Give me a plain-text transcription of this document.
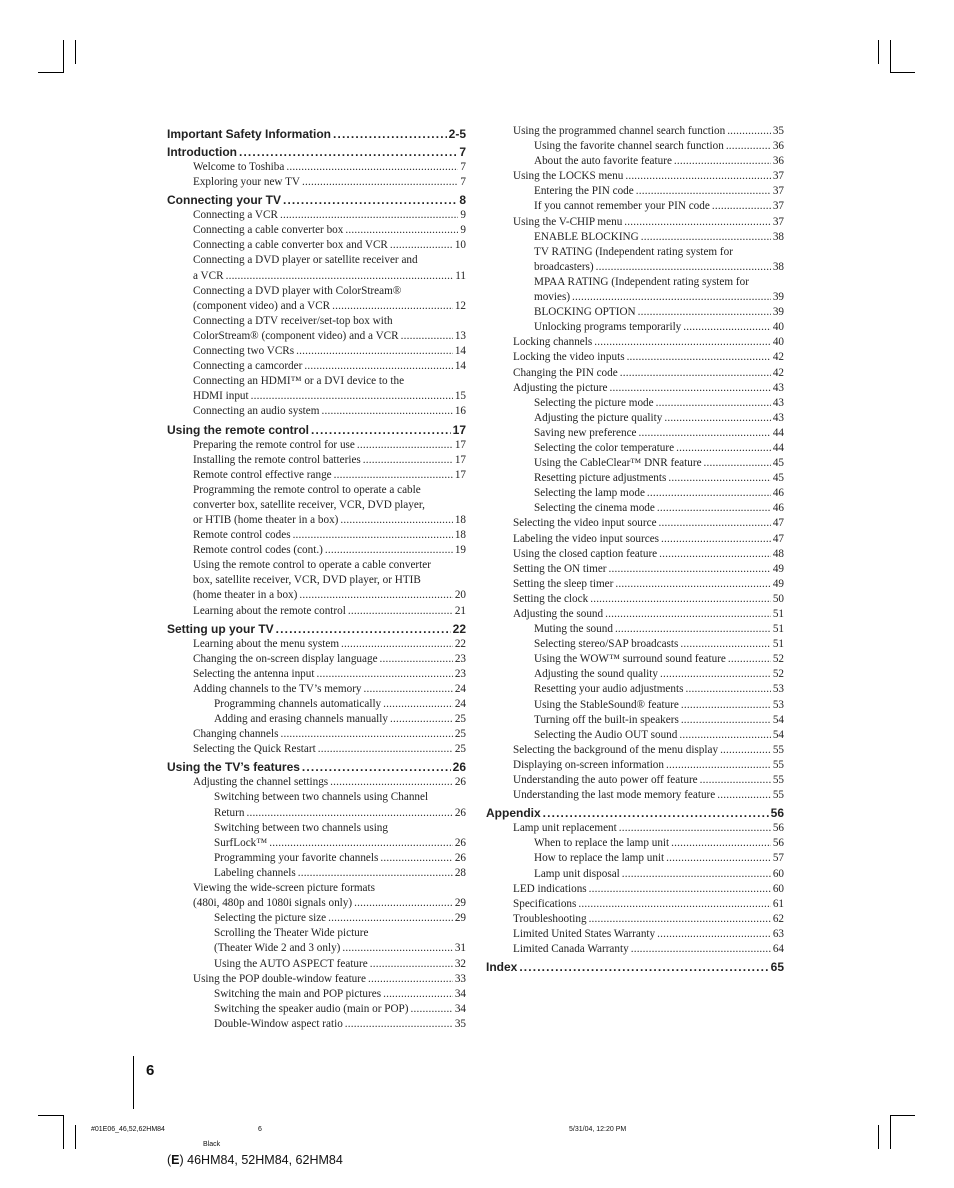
Important Safety Information . . .	2-5
Introduction . . .	7
Welcome to Toshiba . . .	7
Exploring your new TV . . .	7
Connecting your TV . . .	8
Connecting a VCR . . .	9
Connecting a cable converter box . . .	9
Connecting a cable converter box and VCR . . .	10
Connecting a DVD player or satellite receiver and
a VCR . . .	11
Connecting a DVD player with ColorStream®
(component video) and a VCR . . .	12
Connecting a DTV receiver/set-top box with
ColorStream® (component video) and a VCR . . .	13
Connecting two VCRs . . .	14
Connecting a camcorder . . .	14
Connecting an HDMI™ or a DVI device to the
HDMI input . . .	15
Connecting an audio system . . .	16
Using the remote control . . .	17
Preparing the remote control for use . . .	17
Installing the remote control batteries . . .	17
Remote control effective range . . .	17
Programming the remote control to operate a cable
converter box, satellite receiver, VCR, DVD player,
or HTIB (home theater in a box) . . .	18
Remote control codes . . .	18
Remote control codes (cont.) . . .	19
Using the remote control to operate a cable converter
box, satellite receiver, VCR, DVD player, or HTIB
(home theater in a box) . . .	20
Learning about the remote control . . .	21
Setting up your TV . . .	22
Learning about the menu system . . .	22
Changing the on-screen display language . . .	23
Selecting the antenna input . . .	23
Adding channels to the TV’s memory . . .	24
Programming channels automatically . . .	24
Adding and erasing channels manually . . .	25
Changing channels . . .	25
Selecting the Quick Restart . . .	25
Using the TV’s features . . .	26
Adjusting the channel settings . . .	26
Switching between two channels using Channel
Return . . .	26
Switching between two channels using
SurfLock™ . . .	26
Programming your favorite channels . . .	26
Labeling channels . . .	28
Viewing the wide-screen picture formats
(480i, 480p and 1080i signals only) . . .	29
Selecting the picture size . . .	29
Scrolling the Theater Wide picture
(Theater Wide 2 and 3 only) . . .	31
Using the AUTO ASPECT feature . . .	32
Using the POP double-window feature . . .	33
Switching the main and POP pictures . . .	34
Switching the speaker audio (main or POP) . . .	34
Double-Window aspect ratio . . .	35
Using the programmed channel search function . . .	35
Using the favorite channel search function . . .	36
About the auto favorite feature . . .	36
Using the LOCKS menu . . .	37
Entering the PIN code . . .	37
If you cannot remember your PIN code . . .	37
Using the V-CHIP menu . . .	37
ENABLE BLOCKING . . .	38
TV RATING (Independent rating system for
broadcasters) . . .	38
MPAA RATING (Independent rating system for
movies) . . .	39
BLOCKING OPTION . . .	39
Unlocking programs temporarily . . .	40
Locking channels . . .	40
Locking the video inputs . . .	42
Changing the PIN code . . .	42
Adjusting the picture . . .	43
Selecting the picture mode . . .	43
Adjusting the picture quality . . .	43
Saving new preference . . .	44
Selecting the color temperature . . .	44
Using the CableClear™ DNR feature . . .	45
Resetting picture adjustments . . .	45
Selecting the lamp mode . . .	46
Selecting the cinema mode . . .	46
Selecting the video input source . . .	47
Labeling the video input sources . . .	47
Using the closed caption feature . . .	48
Setting the ON timer . . .	49
Setting the sleep timer . . .	49
Setting the clock . . .	50
Adjusting the sound . . .	51
Muting the sound . . .	51
Selecting stereo/SAP broadcasts . . .	51
Using the WOW™ surround sound feature . . .	52
Adjusting the sound quality . . .	52
Resetting your audio adjustments . . .	53
Using the StableSound® feature . . .	53
Turning off the built-in speakers . . .	54
Selecting the Audio OUT sound . . .	54
Selecting the background of the menu display . . .	55
Displaying on-screen information . . .	55
Understanding the auto power off feature . . .	55
Understanding the last mode memory feature . . .	55
Appendix . . .	56
Lamp unit replacement . . .	56
When to replace the lamp unit . . .	56
How to replace the lamp unit . . .	57
Lamp unit disposal . . .	60
LED indications . . .	60
Specifications . . .	61
Troubleshooting . . .	62
Limited United States Warranty . . .	63
Limited Canada Warranty . . .	64
Index . . .	65
6
#01E06_46,52,62HM84	6	5/31/04, 12:20 PM
Black
(E) 46HM84, 52HM84, 62HM84
